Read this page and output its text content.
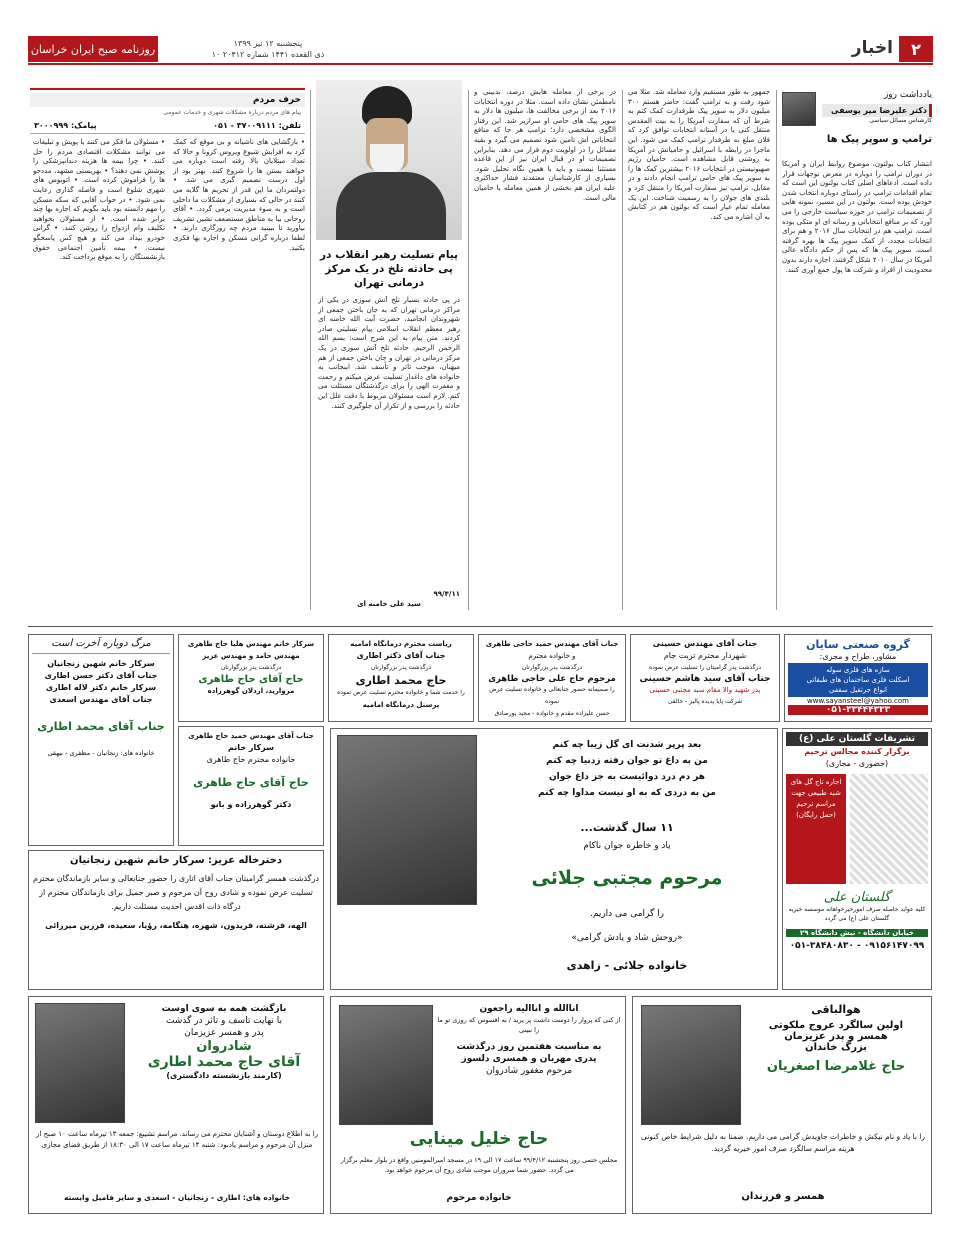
روزنامه صبح ایران خراسان	پنجشنبه ۱۲ تیر ۱۳۹۹
۱۰ ذی القعده ۱۴۴۱ شماره ۲۰۴۱۲	اخبار	۲
یادداشت روز
دکتر علیرضا میر یوسفی
کارشناس مسائل سیاسی
ترامپ و سوپر پیک ها
انتشار کتاب بولتون، موضوع روابط ایران و آمریکا در دوران ترامپ را دوباره در معرض توجهات قرار داده است. ادعاهای اصلی کتاب بولتون این است که تمام اقدامات ترامپ در راستای دوباره انتخاب شدن خودش بوده است. بولتون در این مسیر، نمونه هایی از تصمیمات ترامپ در حوزه سیاست خارجی را می آورد که بر منافع انتخاباتی و رسانه ای او متکی بوده است. ترامپ هم در انتخابات سال ۲۰۱۶ و هم برای انتخابات مجدد، از کمک سوپر پیک ها بهره گرفته است. سوپر پیک ها که پس از حکم دادگاه عالی آمریکا در سال ۲۰۱۰ شکل گرفتند، اجازه دارند بدون محدودیت از افراد و شرکت ها پول جمع آوری کنند.
جمهور به طور مستقیم وارد معامله شد. مثلا می شود رفت و به ترامپ گفت: حاضر هستم ۳۰۰ میلیون دلار به سوپر پیک طرفدارت کمک کنم به شرط آن که سفارت آمریکا را به بیت المقدس منتقل کنی یا در آستانه انتخابات توافق کرد که فلان مبلغ به طرفدار ترامپ کمک می شود. این ماجرا در رابطه با اسرائیل و حامیانش در آمریکا به روشنی قابل مشاهده است. حامیان رژیم صهیونیستی در انتخابات ۲۰۱۶ بیشترین کمک ها را به سوپر پیک های حامی ترامپ انجام دادند و در مقابل، ترامپ نیز سفارت آمریکا را منتقل کرد و بلندی های جولان را به رسمیت شناخت. این یک معامله تمام عیار است که بولتون هم در کتابش به آن اشاره می کند.
در برخی از معامله هایش درصد، بدبینی و نامطمئن نشان داده است. مثلا در دوره انتخابات ۲۰۱۶ بعد از برخی مخالفت ها، میلیون ها دلار به سوپر پیک های حامی او سرازیر شد. این رفتار الگوی مشخصی دارد؛ ترامپ هر جا که منافع انتخاباتی اش تامین شود تصمیم می گیرد و بقیه مسائل را در اولویت دوم قرار می دهد. بنابراین تصمیمات او در قبال ایران نیز از این قاعده مستثنا نیست و باید با همین نگاه تحلیل شود. بسیاری از کارشناسان معتقدند فشار حداکثری علیه ایران هم بخشی از همین معامله با حامیان مالی است.
پیام تسلیت رهبر انقلاب در پی حادثه تلخ در یک مرکز درمانی تهران
در پی حادثه بسیار تلخ آتش سوزی در یکی از مراکز درمانی تهران که به جان باختن جمعی از شهروندان انجامید، حضرت آیت الله خامنه ای رهبر معظم انقلاب اسلامی پیام تسلیتی صادر کردند. متن پیام به این شرح است: بسم الله الرحمن الرحیم. حادثه تلخ آتش سوزی در یک مرکز درمانی در تهران و جان باختن جمعی از هم میهنان، موجب تاثر و تأسف شد. اینجانب به خانواده های داغدار تسلیت عرض میکنم و رحمت و مغفرت الهی را برای درگذشتگان مسئلت می کنم. لازم است مسئولان مربوط با دقت علل این حادثه را بررسی و از تکرار آن جلوگیری کنند.
۹۹/۴/۱۱
سید علی خامنه ای
حرف مردم
پیام های مردم درباره مشکلات شهری و خدمات عمومی
تلفن: ۳۷۰۰۹۱۱۱ - ۰۵۱
پیامک: ۳۰۰۰۹۹۹
• بازگشایی های ناشیانه و بی موقع که کمک کرد به افزایش شیوع ویروس کرونا و حالا که تعداد مبتلایان بالا رفته است دوباره می خواهند بستن ها را شروع کنند. بهتر بود از اول درست تصمیم گیری می شد. • دولتمردان ما این قدر از تحریم ها گلایه می کنند در حالی که بسیاری از مشکلات ما داخلی است و به سوء مدیریت برمی گردد. • آقای روحانی بیا به مناطق مستضعف نشین تشریف بیاورید تا ببینید مردم چه روزگاری دارند. • لطفا درباره گرانی مسکن و اجاره بها فکری بکنید.
• مسئولان ما فکر می کنند با پویش و تبلیغات می توانند مشکلات اقتصادی مردم را حل کنند. • چرا بیمه ها هزینه دندانپزشکی را پوشش نمی دهند؟ • بهزیستی مشهد، مددجو ها را فراموش کرده است. • اتوبوس های شهری شلوغ است و فاصله گذاری رعایت نمی شود. • در جواب آقایی که سکه مسکن را مهم دانسته بود باید بگویم که اجاره بها چند برابر شده است. • از مسئولان بخواهید تکلیف وام ازدواج را روشن کنند. • گرانی خودرو بیداد می کند و هیچ کس پاسخگو نیست. • بیمه تأمین اجتماعی حقوق بازنشستگان را به موقع پرداخت کند.
گروه صنعتی سایان
مشاور، طراح و مجری:
سازه های فلزی سوله
اسکلت فلزی ساختمان های طبقاتی
انواع جرثقیل سقفی
www.sayansteel@yahoo.com
۰۵۱-۳۳۴۴۴۳۳۳
جناب آقای مهندس حسینی
شهردار محترم تربت جام
درگذشت پدر گرامیتان را تسلیت عرض نموده
جناب آقای سید هاشم حسینی
پدر شهید والا مقام سید مجتبی حسینی
شرکت پایا پدیده پالیز - خالقی
جناب آقای مهندس حمید حاجی طاهری
و خانواده محترم
درگذشت پدر بزرگوارتان
مرحوم حاج علی حاجی طاهری
را صمیمانه حضور جنابعالی و خانواده تسلیت عرض نموده
حسن علیزاده مقدم و خانواده - مجید پورصادق
ریاست محترم درمانگاه امامیه
جناب آقای دکتر اطاری
درگذشت پدر بزرگوارتان
حاج محمد اطاری
را خدمت شما و خانواده محترم تسلیت عرض نموده
پرسنل درمانگاه امامیه
سرکار خانم مهندس هلیا حاج طاهری
مهندس حامد و مهندس عزیز
درگذشت پدر بزرگوارتان
حاج آقای حاج طاهری
مروارید، اردلان گوهرزاده
مرگ دوباره آخرت است
سرکار خانم شهین زنجانیان
جناب آقای دکتر حسن اطاری
سرکار خانم دکتر لاله اطاری
جناب آقای مهندس اسعدی
جناب آقای محمد اطاری
خانواده های: زنجانیان - مظفری - بیهقی
جناب آقای مهندس حمید حاج طاهری
سرکار خانم
خانواده محترم حاج طاهری
حاج آقای حاج طاهری
دکتر گوهرزاده و بانو
بعد پرپر شدنت ای گل زیبا چه کنم
من به داغ تو جوان رفته زدنیا چه کنم
هر دم درد دوائیست به جز داغ جوان
من به دردی که به او نیست مداوا چه کنم
۱۱ سال گذشت...
یاد و خاطره جوان ناکام
مرحوم مجتبی جلائی
را گرامی می داریم.
«روحش شاد و یادش گرامی»
خانواده جلائی - زاهدی
تشریفات گلستان علی (ع)
برگزار کننده مجالس ترحیم
(حضوری - مجازی)
اجاره تاج گل های شبه طبیعی جهت مراسم ترحیم (حمل رایگان)
گلستان علی
کلیه عواید حاصله صرف امورخیرخواهانه موسسه خیریه گلستان علی (ع) می گردد
خیابان دانشگاه - نبش دانشگاه ۲۹
۰۹۱۵۶۱۴۷۰۹۹ - ۰۵۱-۳۸۴۸۰۸۳۰
دخترخاله عزیز: سرکار خانم شهین زنجانیان
درگذشت همسر گرامیتان جناب آقای اتاری را حضور جنابعالی و سایر بازماندگان محترم تسلیت عرض نموده و شادی روح آن مرحوم و صبر جمیل برای بازماندگان محترم از درگاه ذات اقدس احدیت مسئلت داریم.
الهه، فرشته، فریدون، شهره، هنگامه، رؤیا، سعیده، فرزین میرزائی
بازگشت همه به سوی اوست
با نهایت تاسف و تاثر در گذشت
پدر و همسر عزیزمان
شادروان
آقای حاج محمد اطاری
(کارمند بازنشسته دادگستری)
را به اطلاع دوستان و آشنایان محترم می رساند. مراسم تشییع: جمعه ۱۳ تیرماه ساعت ۱۰ صبح از منزل آن مرحوم و مراسم یادبود: شنبه ۱۴ تیرماه ساعت ۱۷ الی ۱۸:۳۰ از طریق فضای مجازی
خانواده های: اطاری - زنجانیان - اسعدی و سایر فامیل وابسته
اناالله و اناالیه راجعون
از کنی که پرواز را دوست داشت پر پرید / به افسوس که روزی تو ما را نبینی
به مناسبت هفتمین روز درگذشت
پدری مهربان و همسری دلسوز
مرحوم مغفور شادروان
حاج خلیل مینایی
مجلس ختمی روز پنجشنبه ۹۹/۴/۱۲ ساعت ۱۷ الی ۱۹ در مسجد امیرالمومنین واقع در بلوار معلم برگزار می گردد. حضور شما سروران موجب شادی روح آن مرحوم خواهد بود.
خانواده مرحوم
هوالباقی
اولین سالگرد عروج ملکوتی
همسر و پدر عزیزمان
بزرگ خاندان
حاج غلامرضا اصغریان
را با یاد و نام نیکش و خاطرات جاویدش گرامی می داریم. ضمنا به دلیل شرایط خاص کنونی هزینه مراسم سالگرد صرف امور خیریه گردید.
همسر و فرزندان
